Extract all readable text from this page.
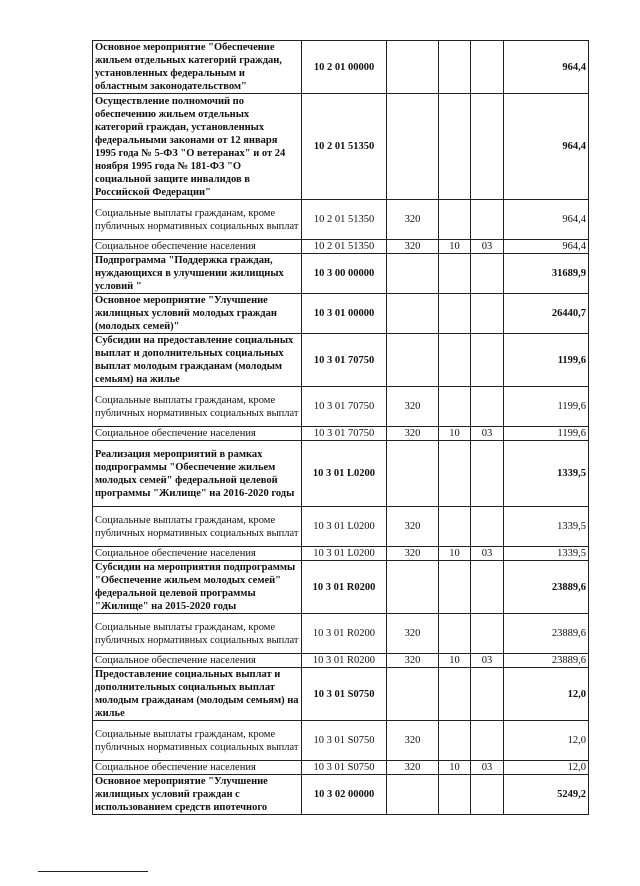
Основное мероприятие "Обеспечение жильем отдельных категорий граждан, установленных федеральным и областным законодательством"	10 2 01 00000				964,4
Осуществление полномочий по обеспечению жильем отдельных категорий граждан, установленных федеральными законами от 12 января 1995 года № 5-ФЗ "О ветеранах" и от 24 ноября 1995 года № 181-ФЗ "О социальной защите инвалидов в Российской Федерации"	10 2 01 51350				964,4
Социальные выплаты гражданам, кроме публичных нормативных социальных выплат	10 2 01 51350	320			964,4
Социальное обеспечение населения	10 2 01 51350	320	10	03	964,4
Подпрограмма "Поддержка граждан, нуждающихся в улучшении жилищных условий "	10 3 00 00000				31689,9
Основное мероприятие "Улучшение жилищных условий молодых граждан (молодых семей)"	10 3 01 00000				26440,7
Субсидии на предоставление социальных выплат и дополнительных социальных выплат молодым гражданам (молодым семьям) на жилье	10 3 01 70750				1199,6
Социальные выплаты гражданам, кроме публичных нормативных социальных выплат	10 3 01 70750	320			1199,6
Социальное обеспечение населения	10 3 01 70750	320	10	03	1199,6
Реализация мероприятий в рамках подпрограммы "Обеспечение жильем молодых семей" федеральной целевой программы "Жилище" на 2016-2020 годы	10 3 01 L0200				1339,5
Социальные выплаты гражданам, кроме публичных нормативных социальных выплат	10 3 01 L0200	320			1339,5
Социальное обеспечение населения	10 3 01 L0200	320	10	03	1339,5
Субсидии на мероприятия подпрограммы "Обеспечение жильем молодых семей" федеральной целевой программы "Жилище" на 2015-2020 годы	10 3 01 R0200				23889,6
Социальные выплаты гражданам, кроме публичных нормативных социальных выплат	10 3 01 R0200	320			23889,6
Социальное обеспечение населения	10 3 01 R0200	320	10	03	23889,6
Предоставление социальных выплат и дополнительных социальных выплат молодым гражданам (молодым семьям) на жилье	10 3 01 S0750				12,0
Социальные выплаты гражданам, кроме публичных нормативных социальных выплат	10 3 01 S0750	320			12,0
Социальное обеспечение населения	10 3 01 S0750	320	10	03	12,0
Основное мероприятие "Улучшение жилищных условий граждан с использованием средств ипотечного	10 3 02 00000				5249,2
